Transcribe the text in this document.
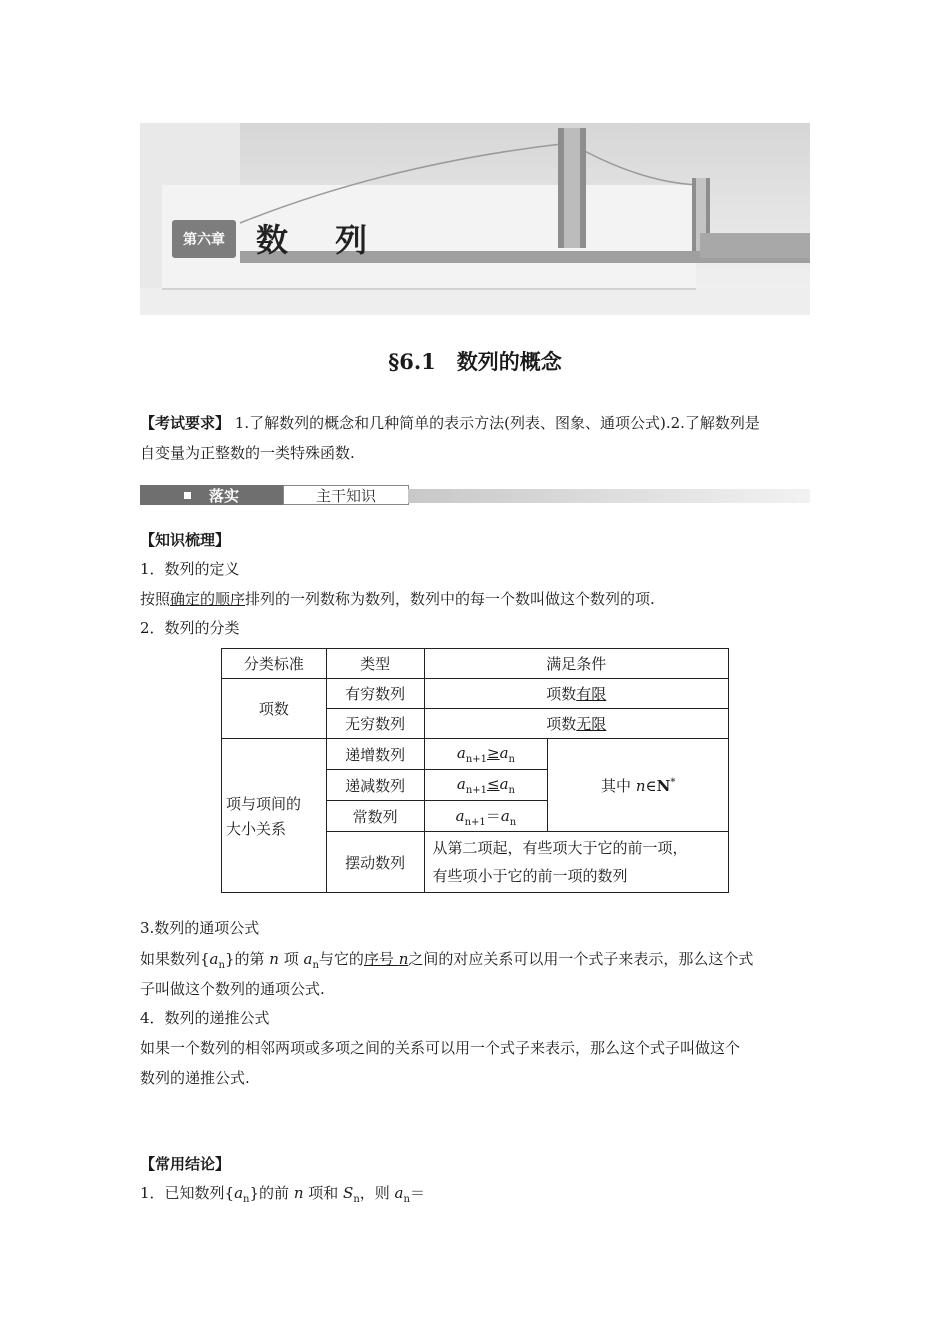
第六章 数 列
§6.1　数列的概念
【考试要求】 1.了解数列的概念和几种简单的表示方法(列表、图象、通项公式).2.了解数列是
自变量为正整数的一类特殊函数.
落实	主干知识
【知识梳理】
1．数列的定义
按照确定的顺序排列的一列数称为数列，数列中的每一个数叫做这个数列的项.
2．数列的分类
分类标准	类型	满足条件	
项数	有穷数列	项数有限	
	无穷数列	项数无限	

项与项间的
大小关系	递增数列	$a_{n+1}\ge a_n$	其中 n∈N*
	递减数列	$a_{n+1}\le a_n$
	常数列	$a_{n+1}=a_n$
	摆动数列	从第二项起，有些项大于它的前一项，
有些项小于它的前一项的数列	
3.数列的通项公式
如果数列$\{a_n\}$的第 n 项 $a_n$与它的序号 n之间的对应关系可以用一个式子来表示，那么这个式
子叫做这个数列的通项公式.
4．数列的递推公式
如果一个数列的相邻两项或多项之间的关系可以用一个式子来表示，那么这个式子叫做这个
数列的递推公式.
【常用结论】
1．已知数列$\{a_n\}$的前 n 项和 $S_n$，则 $a_n=$
